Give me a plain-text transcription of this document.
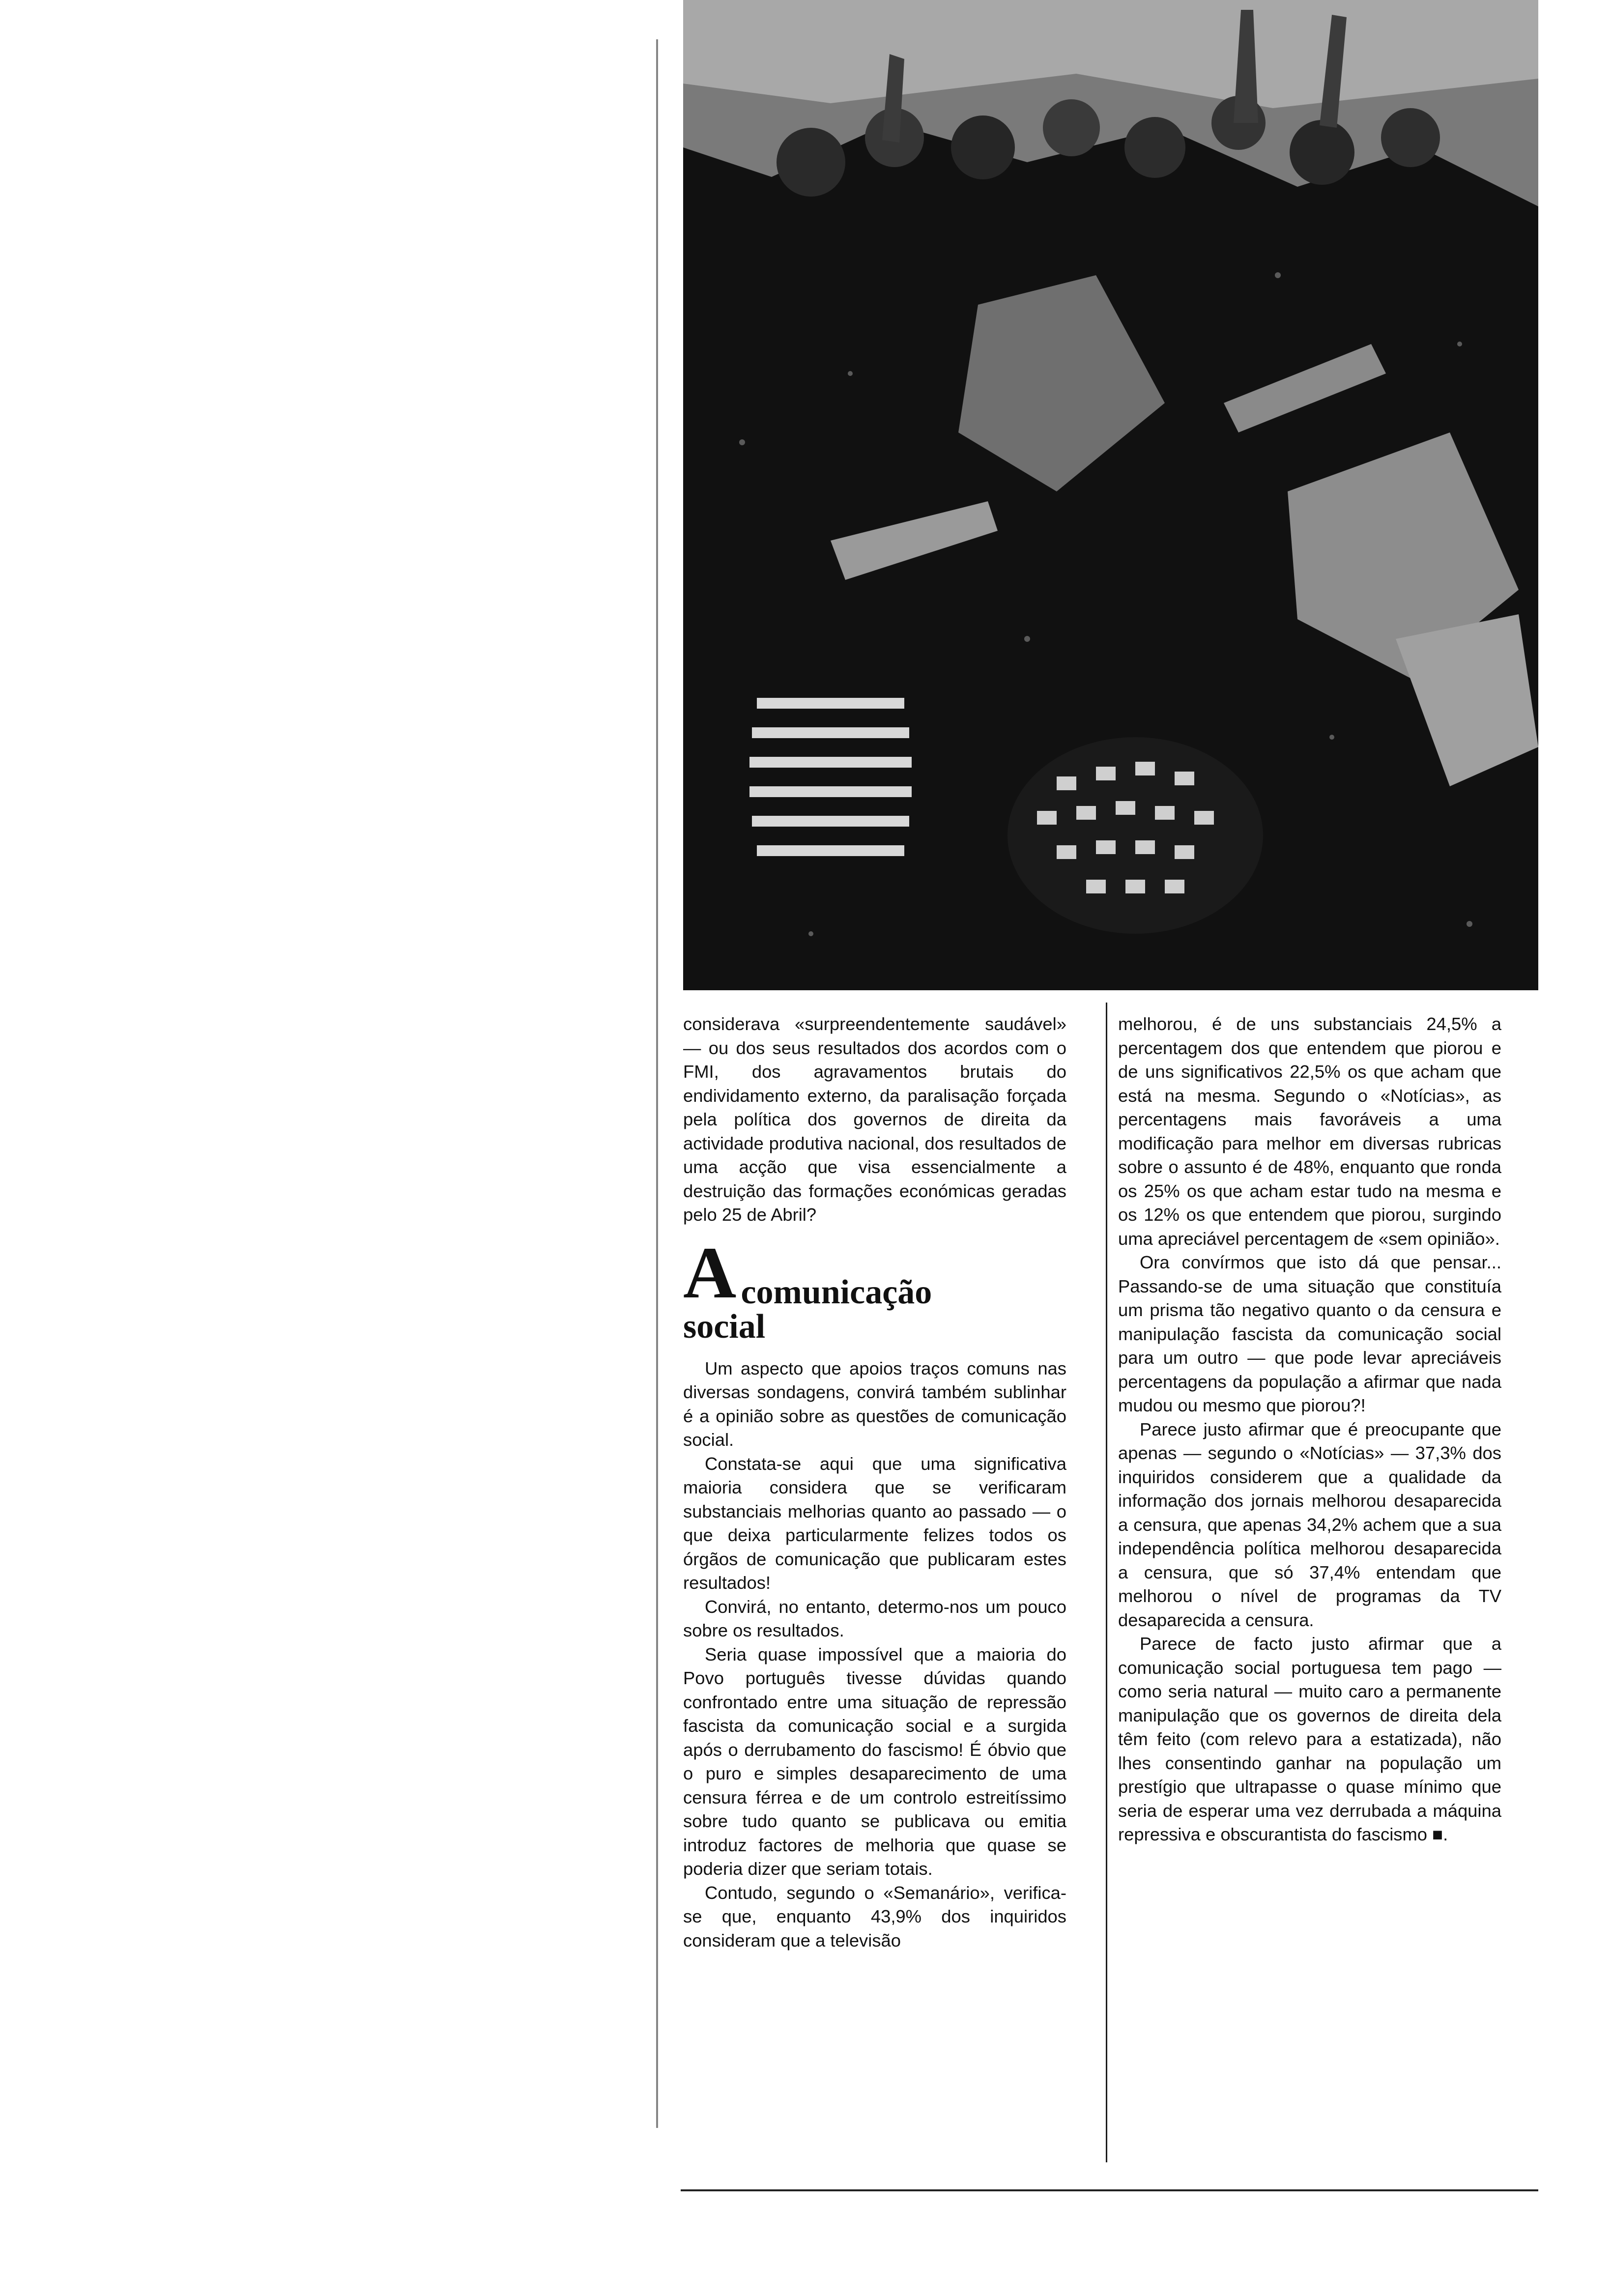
considerava «surpreendentemente saudável» — ou dos seus resultados dos acordos com o FMI, dos agravamentos brutais do endividamento externo, da paralisação forçada pela política dos governos de direita da actividade produtiva nacional, dos resultados de uma acção que visa essencialmente a destruição das formações económicas geradas pelo 25 de Abril?

A comunicação
social

Um aspecto que apoios traços comuns nas diversas sondagens, convirá também sublinhar é a opinião sobre as questões de comunicação social.

Constata-se aqui que uma significativa maioria considera que se verificaram substanciais melhorias quanto ao passado — o que deixa particularmente felizes todos os órgãos de comunicação que publicaram estes resultados!

Convirá, no entanto, determo-nos um pouco sobre os resultados.

Seria quase impossível que a maioria do Povo português tivesse dúvidas quando confrontado entre uma situação de repressão fascista da comunicação social e a surgida após o derrubamento do fascismo! É óbvio que o puro e simples desaparecimento de uma censura férrea e de um controlo estreitíssimo sobre tudo quanto se publicava ou emitia introduz factores de melhoria que quase se poderia dizer que seriam totais.

Contudo, segundo o «Semanário», verifica-se que, enquanto 43,9% dos inquiridos consideram que a televisão

melhorou, é de uns substanciais 24,5% a percentagem dos que entendem que piorou e de uns significativos 22,5% os que acham que está na mesma. Segundo o «Notícias», as percentagens mais favoráveis a uma modificação para melhor em diversas rubricas sobre o assunto é de 48%, enquanto que ronda os 25% os que acham estar tudo na mesma e os 12% os que entendem que piorou, surgindo uma apreciável percentagem de «sem opinião».

Ora convírmos que isto dá que pensar... Passando-se de uma situação que constituía um prisma tão negativo quanto o da censura e manipulação fascista da comunicação social para um outro — que pode levar apreciáveis percentagens da população a afirmar que nada mudou ou mesmo que piorou?!

Parece justo afirmar que é preocupante que apenas — segundo o «Notícias» — 37,3% dos inquiridos considerem que a qualidade da informação dos jornais melhorou desaparecida a censura, que apenas 34,2% achem que a sua independência política melhorou desaparecida a censura, que só 37,4% entendam que melhorou o nível de programas da TV desaparecida a censura.

Parece de facto justo afirmar que a comunicação social portuguesa tem pago — como seria natural — muito caro a permanente manipulação que os governos de direita dela têm feito (com relevo para a estatizada), não lhes consentindo ganhar na população um prestígio que ultrapasse o quase mínimo que seria de esperar uma vez derrubada a máquina repressiva e obscurantista do fascismo ■.
